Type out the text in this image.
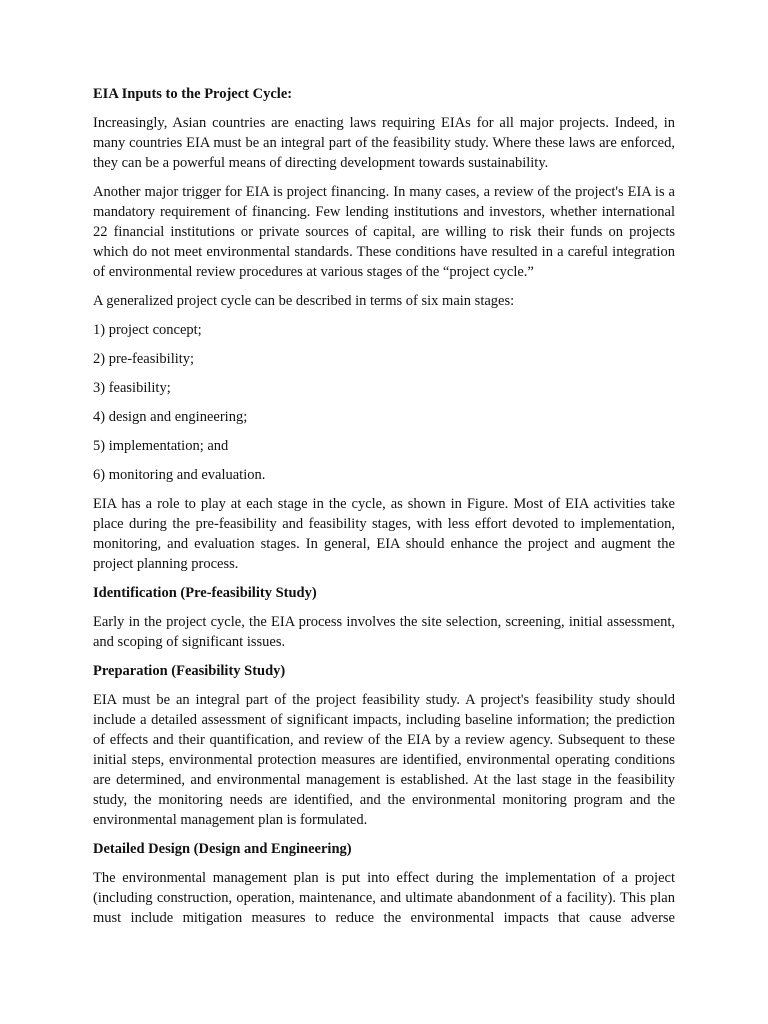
EIA Inputs to the Project Cycle:

Increasingly, Asian countries are enacting laws requiring EIAs for all major projects. Indeed, in many countries EIA must be an integral part of the feasibility study. Where these laws are enforced, they can be a powerful means of directing development towards sustainability.

Another major trigger for EIA is project financing. In many cases, a review of the project's EIA is a mandatory requirement of financing. Few lending institutions and investors, whether international 22 financial institutions or private sources of capital, are willing to risk their funds on projects which do not meet environmental standards. These conditions have resulted in a careful integration of environmental review procedures at various stages of the “project cycle.”

A generalized project cycle can be described in terms of six main stages:

1) project concept;
2) pre-feasibility;
3) feasibility;
4) design and engineering;
5) implementation; and
6) monitoring and evaluation.

EIA has a role to play at each stage in the cycle, as shown in Figure. Most of EIA activities take place during the pre-feasibility and feasibility stages, with less effort devoted to implementation, monitoring, and evaluation stages. In general, EIA should enhance the project and augment the project planning process.

Identification (Pre-feasibility Study)

Early in the project cycle, the EIA process involves the site selection, screening, initial assessment, and scoping of significant issues.

Preparation (Feasibility Study)

EIA must be an integral part of the project feasibility study. A project's feasibility study should include a detailed assessment of significant impacts, including baseline information; the prediction of effects and their quantification, and review of the EIA by a review agency. Subsequent to these initial steps, environmental protection measures are identified, environmental operating conditions are determined, and environmental management is established. At the last stage in the feasibility study, the monitoring needs are identified, and the environmental monitoring program and the environmental management plan is formulated.

Detailed Design (Design and Engineering)

The environmental management plan is put into effect during the implementation of a project (including construction, operation, maintenance, and ultimate abandonment of a facility). This plan must include mitigation measures to reduce the environmental impacts that cause adverse
